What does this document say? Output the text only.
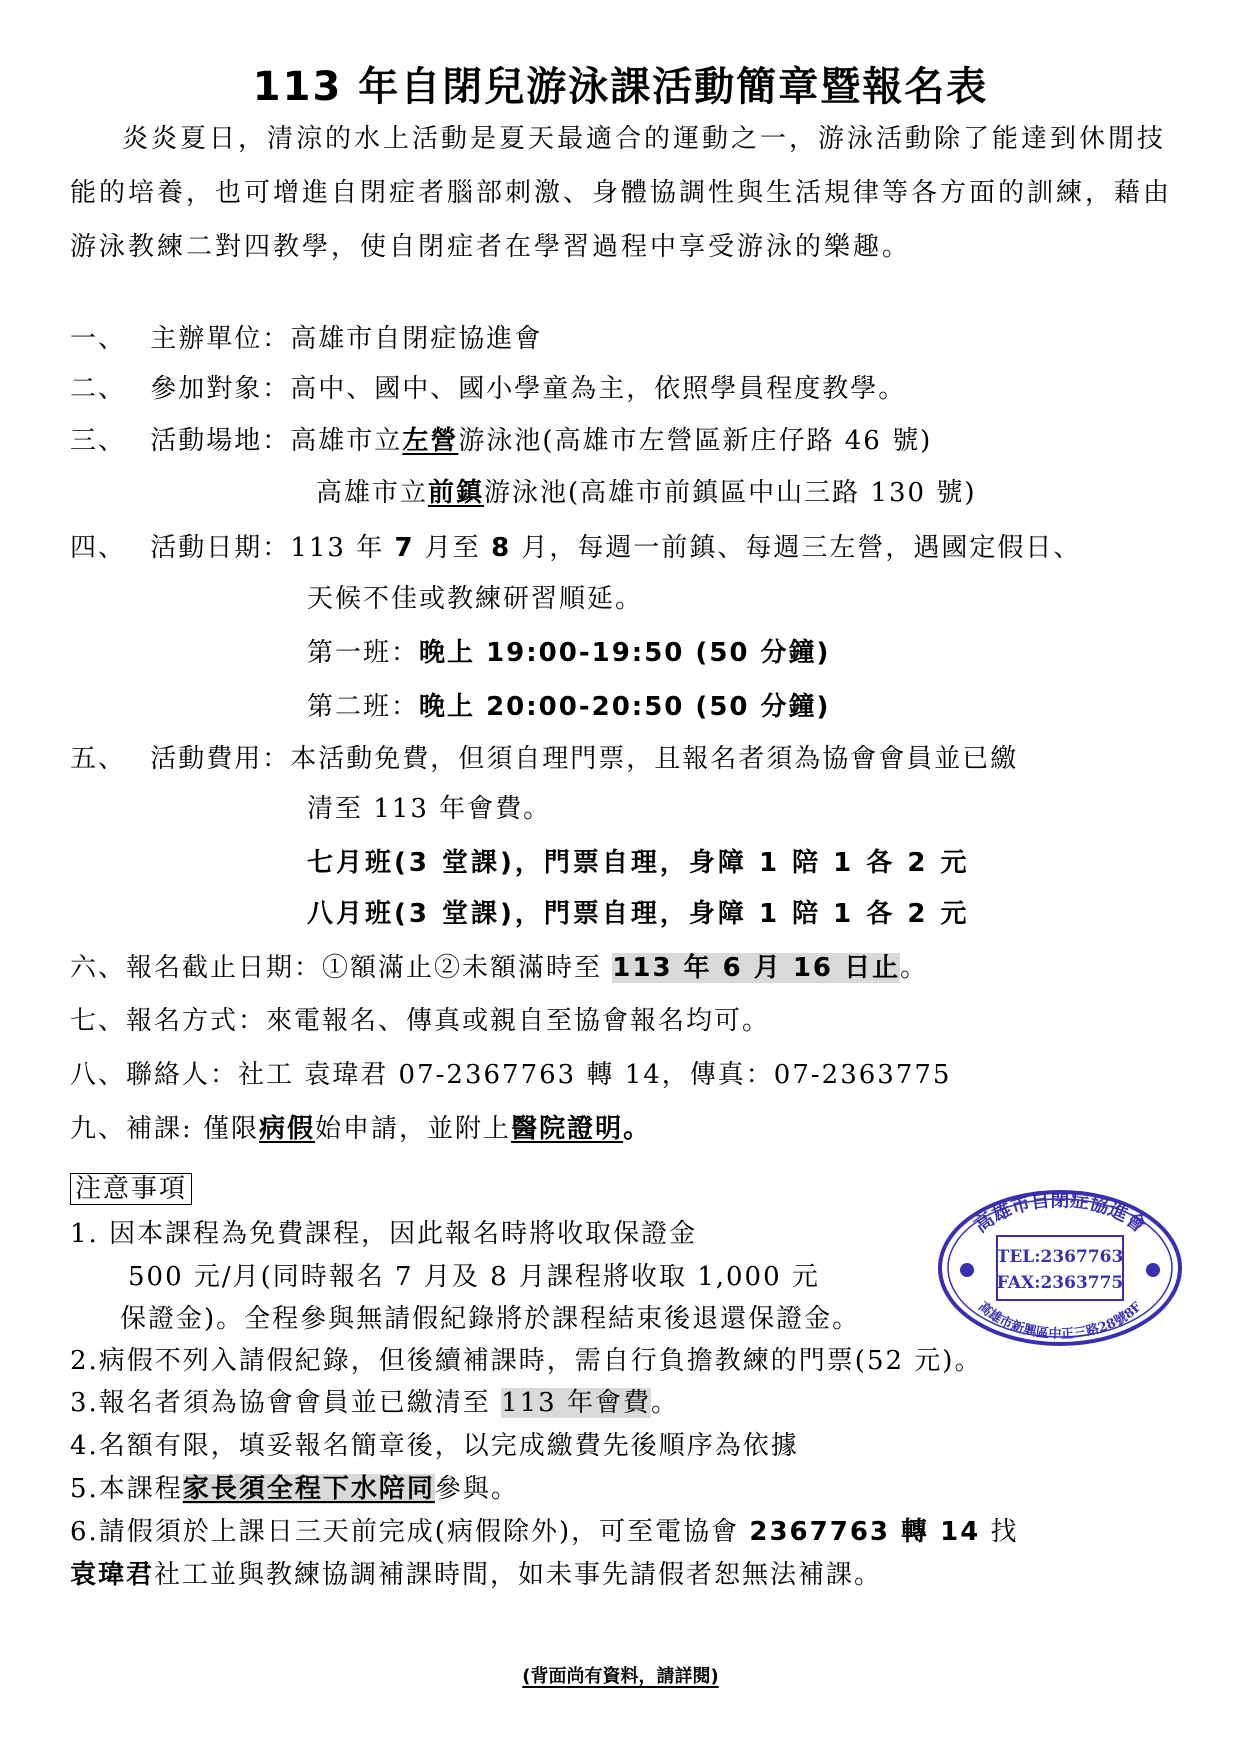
113 年自閉兒游泳課活動簡章暨報名表
炎炎夏日，清涼的水上活動是夏天最適合的運動之一，游泳活動除了能達到休閒技能的培養，也可增進自閉症者腦部刺激、身體協調性與生活規律等各方面的訓練，藉由游泳教練二對四教學，使自閉症者在學習過程中享受游泳的樂趣。
一、 主辦單位：高雄市自閉症協進會
二、 參加對象：高中、國中、國小學童為主，依照學員程度教學。
三、 活動場地：高雄市立左營游泳池(高雄市左營區新庄仔路 46 號)
高雄市立前鎮游泳池(高雄市前鎮區中山三路 130 號)
四、 活動日期：113 年 7 月至 8 月，每週一前鎮、每週三左營，遇國定假日、
天候不佳或教練研習順延。
第一班：晚上 19:00-19:50 (50 分鐘)
第二班：晚上 20:00-20:50 (50 分鐘)
五、 活動費用：本活動免費，但須自理門票，且報名者須為協會會員並已繳
清至 113 年會費。
七月班(3 堂課)，門票自理，身障 1 陪 1 各 2 元
八月班(3 堂課)，門票自理，身障 1 陪 1 各 2 元
六、報名截止日期：①額滿止②未額滿時至 113 年 6 月 16 日止。
七、報名方式：來電報名、傳真或親自至協會報名均可。
八、聯絡人：社工 袁瑋君 07-2367763 轉 14，傳真：07-2363775
九、補課: 僅限病假始申請，並附上醫院證明。
注意事項
1. 因本課程為免費課程，因此報名時將收取保證金
500 元/月(同時報名 7 月及 8 月課程將收取 1,000 元
保證金)。全程參與無請假紀錄將於課程結束後退還保證金。
2.病假不列入請假紀錄，但後續補課時，需自行負擔教練的門票(52 元)。
3.報名者須為協會會員並已繳清至 113 年會費。
4.名額有限，填妥報名簡章後，以完成繳費先後順序為依據
5.本課程家長須全程下水陪同參與。
6.請假須於上課日三天前完成(病假除外)，可至電協會 2367763 轉 14 找
袁瑋君社工並與教練協調補課時間，如未事先請假者恕無法補課。
高雄市自閉症協進會
TEL:2367763
FAX:2363775
高雄市新興區中正三路28號8F
(背面尚有資料，請詳閱)
